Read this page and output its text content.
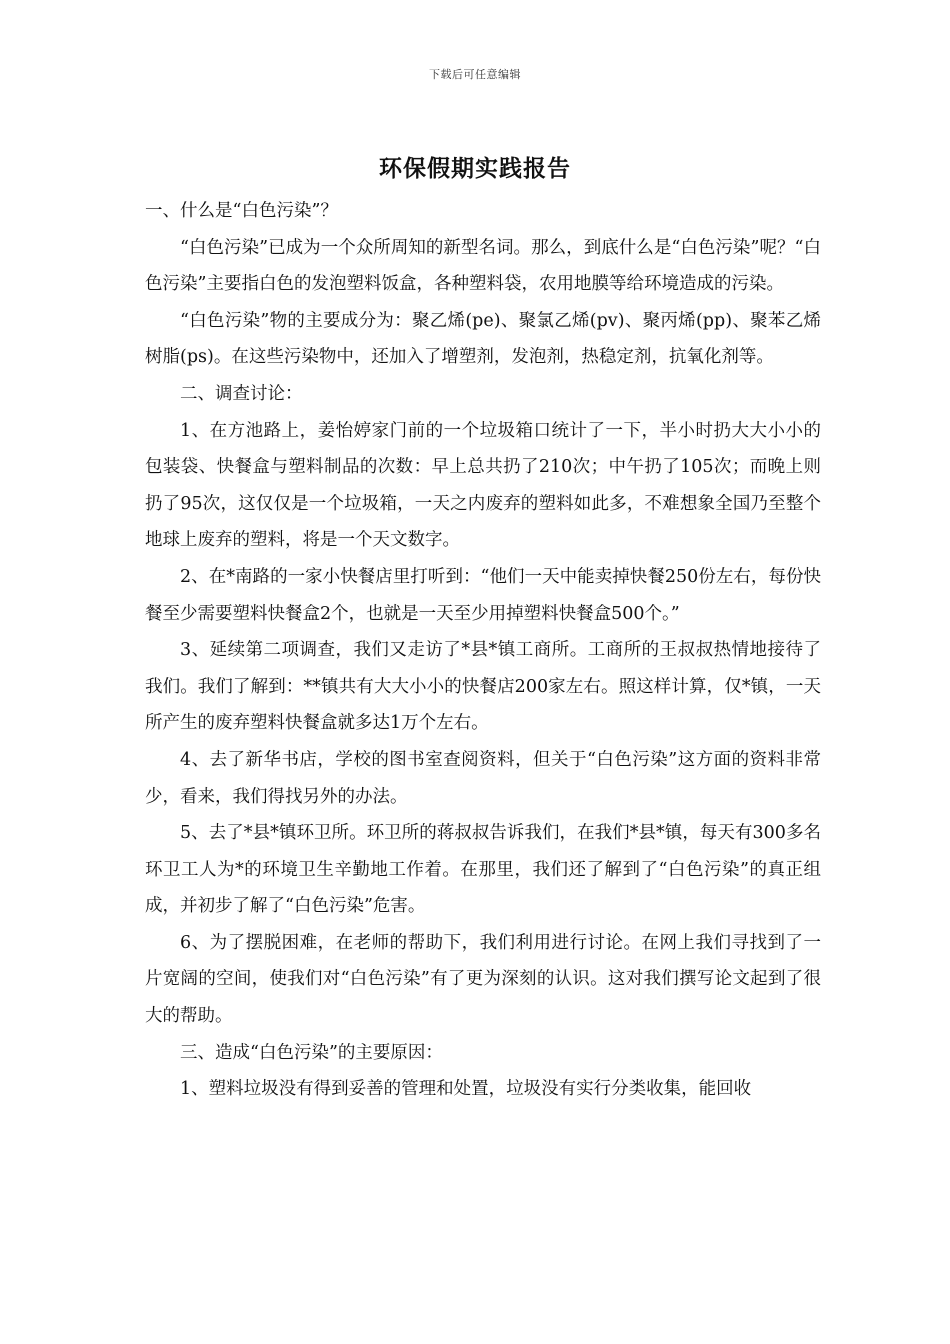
下载后可任意编辑
环保假期实践报告

一、什么是“白色污染”？

“白色污染”已成为一个众所周知的新型名词。那么，到底什么是“白色污染”呢？“白色污染”主要指白色的发泡塑料饭盒，各种塑料袋，农用地膜等给环境造成的污染。

“白色污染”物的主要成分为：聚乙烯(pe)、聚氯乙烯(pv)、聚丙烯(pp)、聚苯乙烯树脂(ps)。在这些污染物中，还加入了增塑剂，发泡剂，热稳定剂，抗氧化剂等。

二、调查讨论：

1、在方池路上，姜怡婷家门前的一个垃圾箱口统计了一下，半小时扔大大小小的包装袋、快餐盒与塑料制品的次数：早上总共扔了210次；中午扔了105次；而晚上则扔了95次，这仅仅是一个垃圾箱，一天之内废弃的塑料如此多，不难想象全国乃至整个地球上废弃的塑料，将是一个天文数字。

2、在*南路的一家小快餐店里打听到：“他们一天中能卖掉快餐250份左右，每份快餐至少需要塑料快餐盒2个，也就是一天至少用掉塑料快餐盒500个。”

3、延续第二项调查，我们又走访了*县*镇工商所。工商所的王叔叔热情地接待了我们。我们了解到：**镇共有大大小小的快餐店200家左右。照这样计算，仅*镇，一天所产生的废弃塑料快餐盒就多达1万个左右。

4、去了新华书店，学校的图书室查阅资料，但关于“白色污染”这方面的资料非常少，看来，我们得找另外的办法。

5、去了*县*镇环卫所。环卫所的蒋叔叔告诉我们，在我们*县*镇，每天有300多名环卫工人为*的环境卫生辛勤地工作着。在那里，我们还了解到了“白色污染”的真正组成，并初步了解了“白色污染”危害。

6、为了摆脱困难，在老师的帮助下，我们利用进行讨论。在网上我们寻找到了一片宽阔的空间，使我们对“白色污染”有了更为深刻的认识。这对我们撰写论文起到了很大的帮助。

三、造成“白色污染”的主要原因：

1、塑料垃圾没有得到妥善的管理和处置，垃圾没有实行分类收集，能回收
